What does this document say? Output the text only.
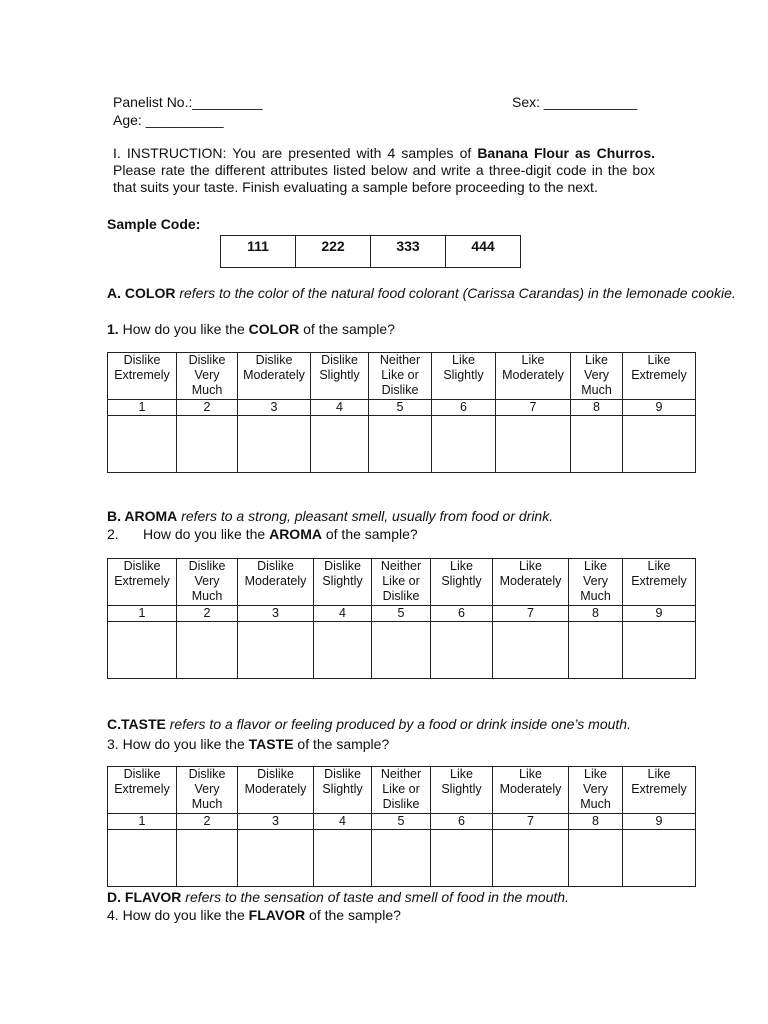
Panelist No.:_________	Sex: ____________
Age: __________
I. INSTRUCTION: You are presented with 4 samples of Banana Flour as Churros. Please rate the different attributes listed below and write a three-digit code in the box that suits your taste. Finish evaluating a sample before proceeding to the next.
Sample Code:
111	222	333	444
A. COLOR refers to the color of the natural food colorant (Carissa Carandas) in the lemonade cookie.
1. How do you like the COLOR of the sample?
Dislike Extremely	Dislike Very Much	Dislike Moderately	Dislike Slightly	Neither Like or Dislike	Like Slightly	Like Moderately	Like Very Much	Like Extremely
1	2	3	4	5	6	7	8	9

B. AROMA refers to a strong, pleasant smell, usually from food or drink.
2. How do you like the AROMA of the sample?
Dislike Extremely	Dislike Very Much	Dislike Moderately	Dislike Slightly	Neither Like or Dislike	Like Slightly	Like Moderately	Like Very Much	Like Extremely
1	2	3	4	5	6	7	8	9

C.TASTE refers to a flavor or feeling produced by a food or drink inside one’s mouth.
3. How do you like the TASTE of the sample?
Dislike Extremely	Dislike Very Much	Dislike Moderately	Dislike Slightly	Neither Like or Dislike	Like Slightly	Like Moderately	Like Very Much	Like Extremely
1	2	3	4	5	6	7	8	9

D. FLAVOR refers to the sensation of taste and smell of food in the mouth.
4. How do you like the FLAVOR of the sample?
